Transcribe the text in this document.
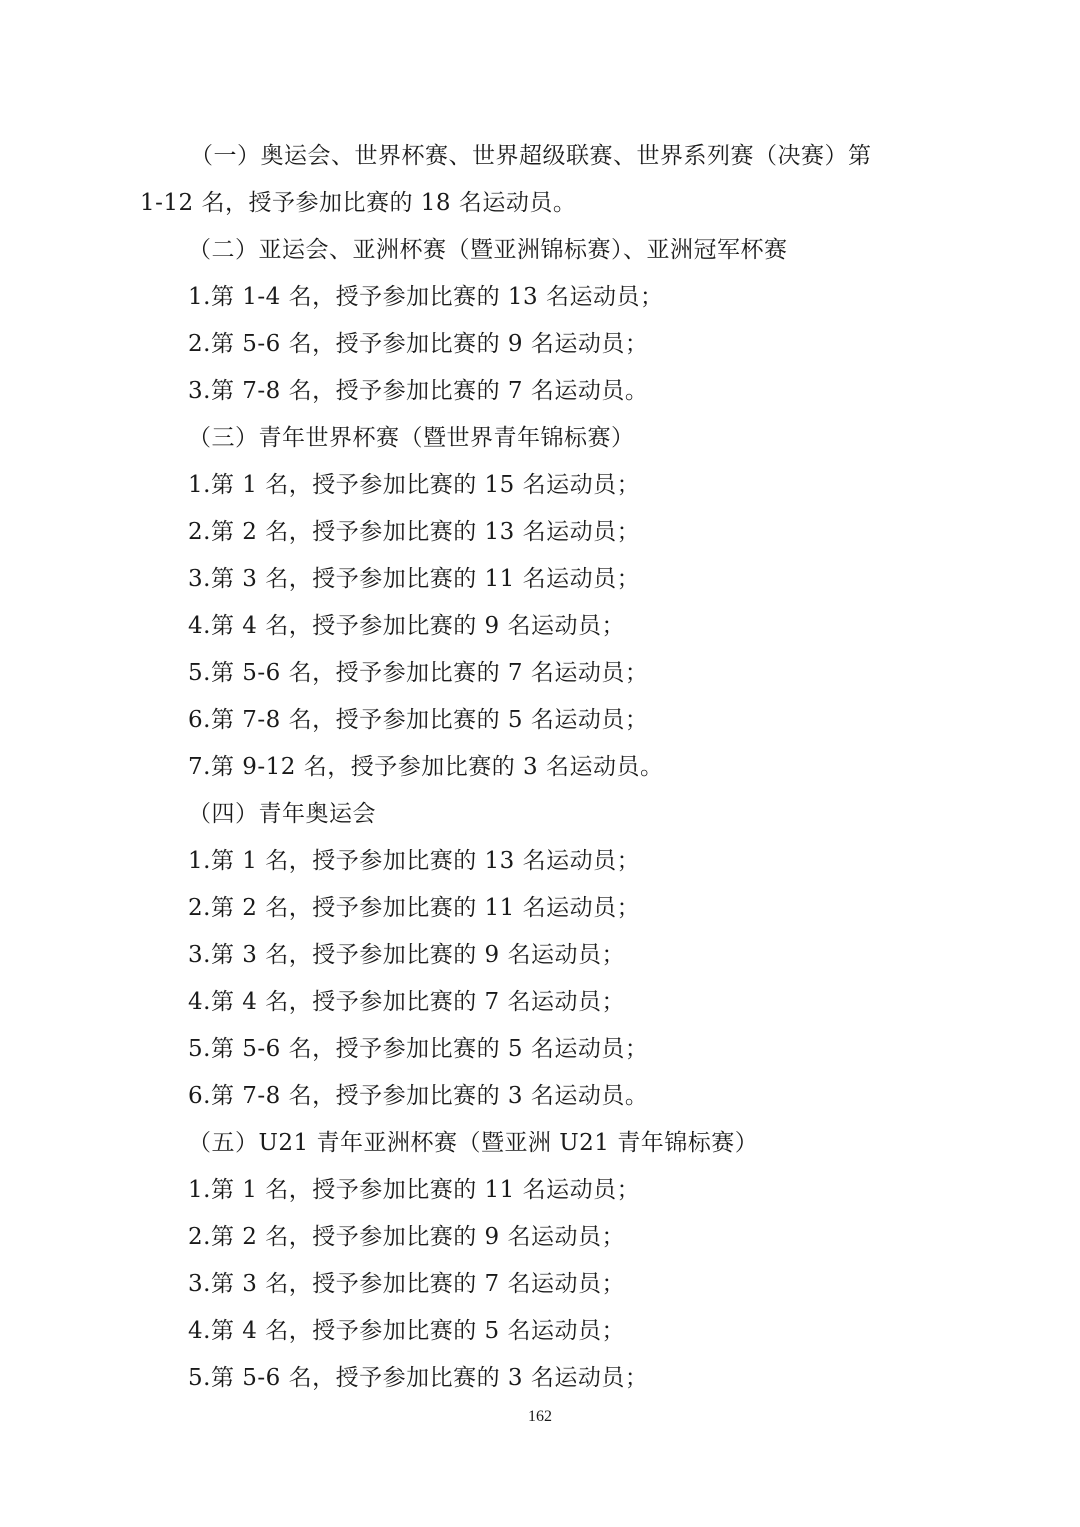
（一）奥运会、世界杯赛、世界超级联赛、世界系列赛（决赛）第
1-12 名，授予参加比赛的 18 名运动员。
（二）亚运会、亚洲杯赛（暨亚洲锦标赛）、亚洲冠军杯赛
1.第 1-4 名，授予参加比赛的 13 名运动员；
2.第 5-6 名，授予参加比赛的 9 名运动员；
3.第 7-8 名，授予参加比赛的 7 名运动员。
（三）青年世界杯赛（暨世界青年锦标赛）
1.第 1 名，授予参加比赛的 15 名运动员；
2.第 2 名，授予参加比赛的 13 名运动员；
3.第 3 名，授予参加比赛的 11 名运动员；
4.第 4 名，授予参加比赛的 9 名运动员；
5.第 5-6 名，授予参加比赛的 7 名运动员；
6.第 7-8 名，授予参加比赛的 5 名运动员；
7.第 9-12 名，授予参加比赛的 3 名运动员。
（四）青年奥运会
1.第 1 名，授予参加比赛的 13 名运动员；
2.第 2 名，授予参加比赛的 11 名运动员；
3.第 3 名，授予参加比赛的 9 名运动员；
4.第 4 名，授予参加比赛的 7 名运动员；
5.第 5-6 名，授予参加比赛的 5 名运动员；
6.第 7-8 名，授予参加比赛的 3 名运动员。
（五）U21 青年亚洲杯赛（暨亚洲 U21 青年锦标赛）
1.第 1 名，授予参加比赛的 11 名运动员；
2.第 2 名，授予参加比赛的 9 名运动员；
3.第 3 名，授予参加比赛的 7 名运动员；
4.第 4 名，授予参加比赛的 5 名运动员；
5.第 5-6 名，授予参加比赛的 3 名运动员；
162
